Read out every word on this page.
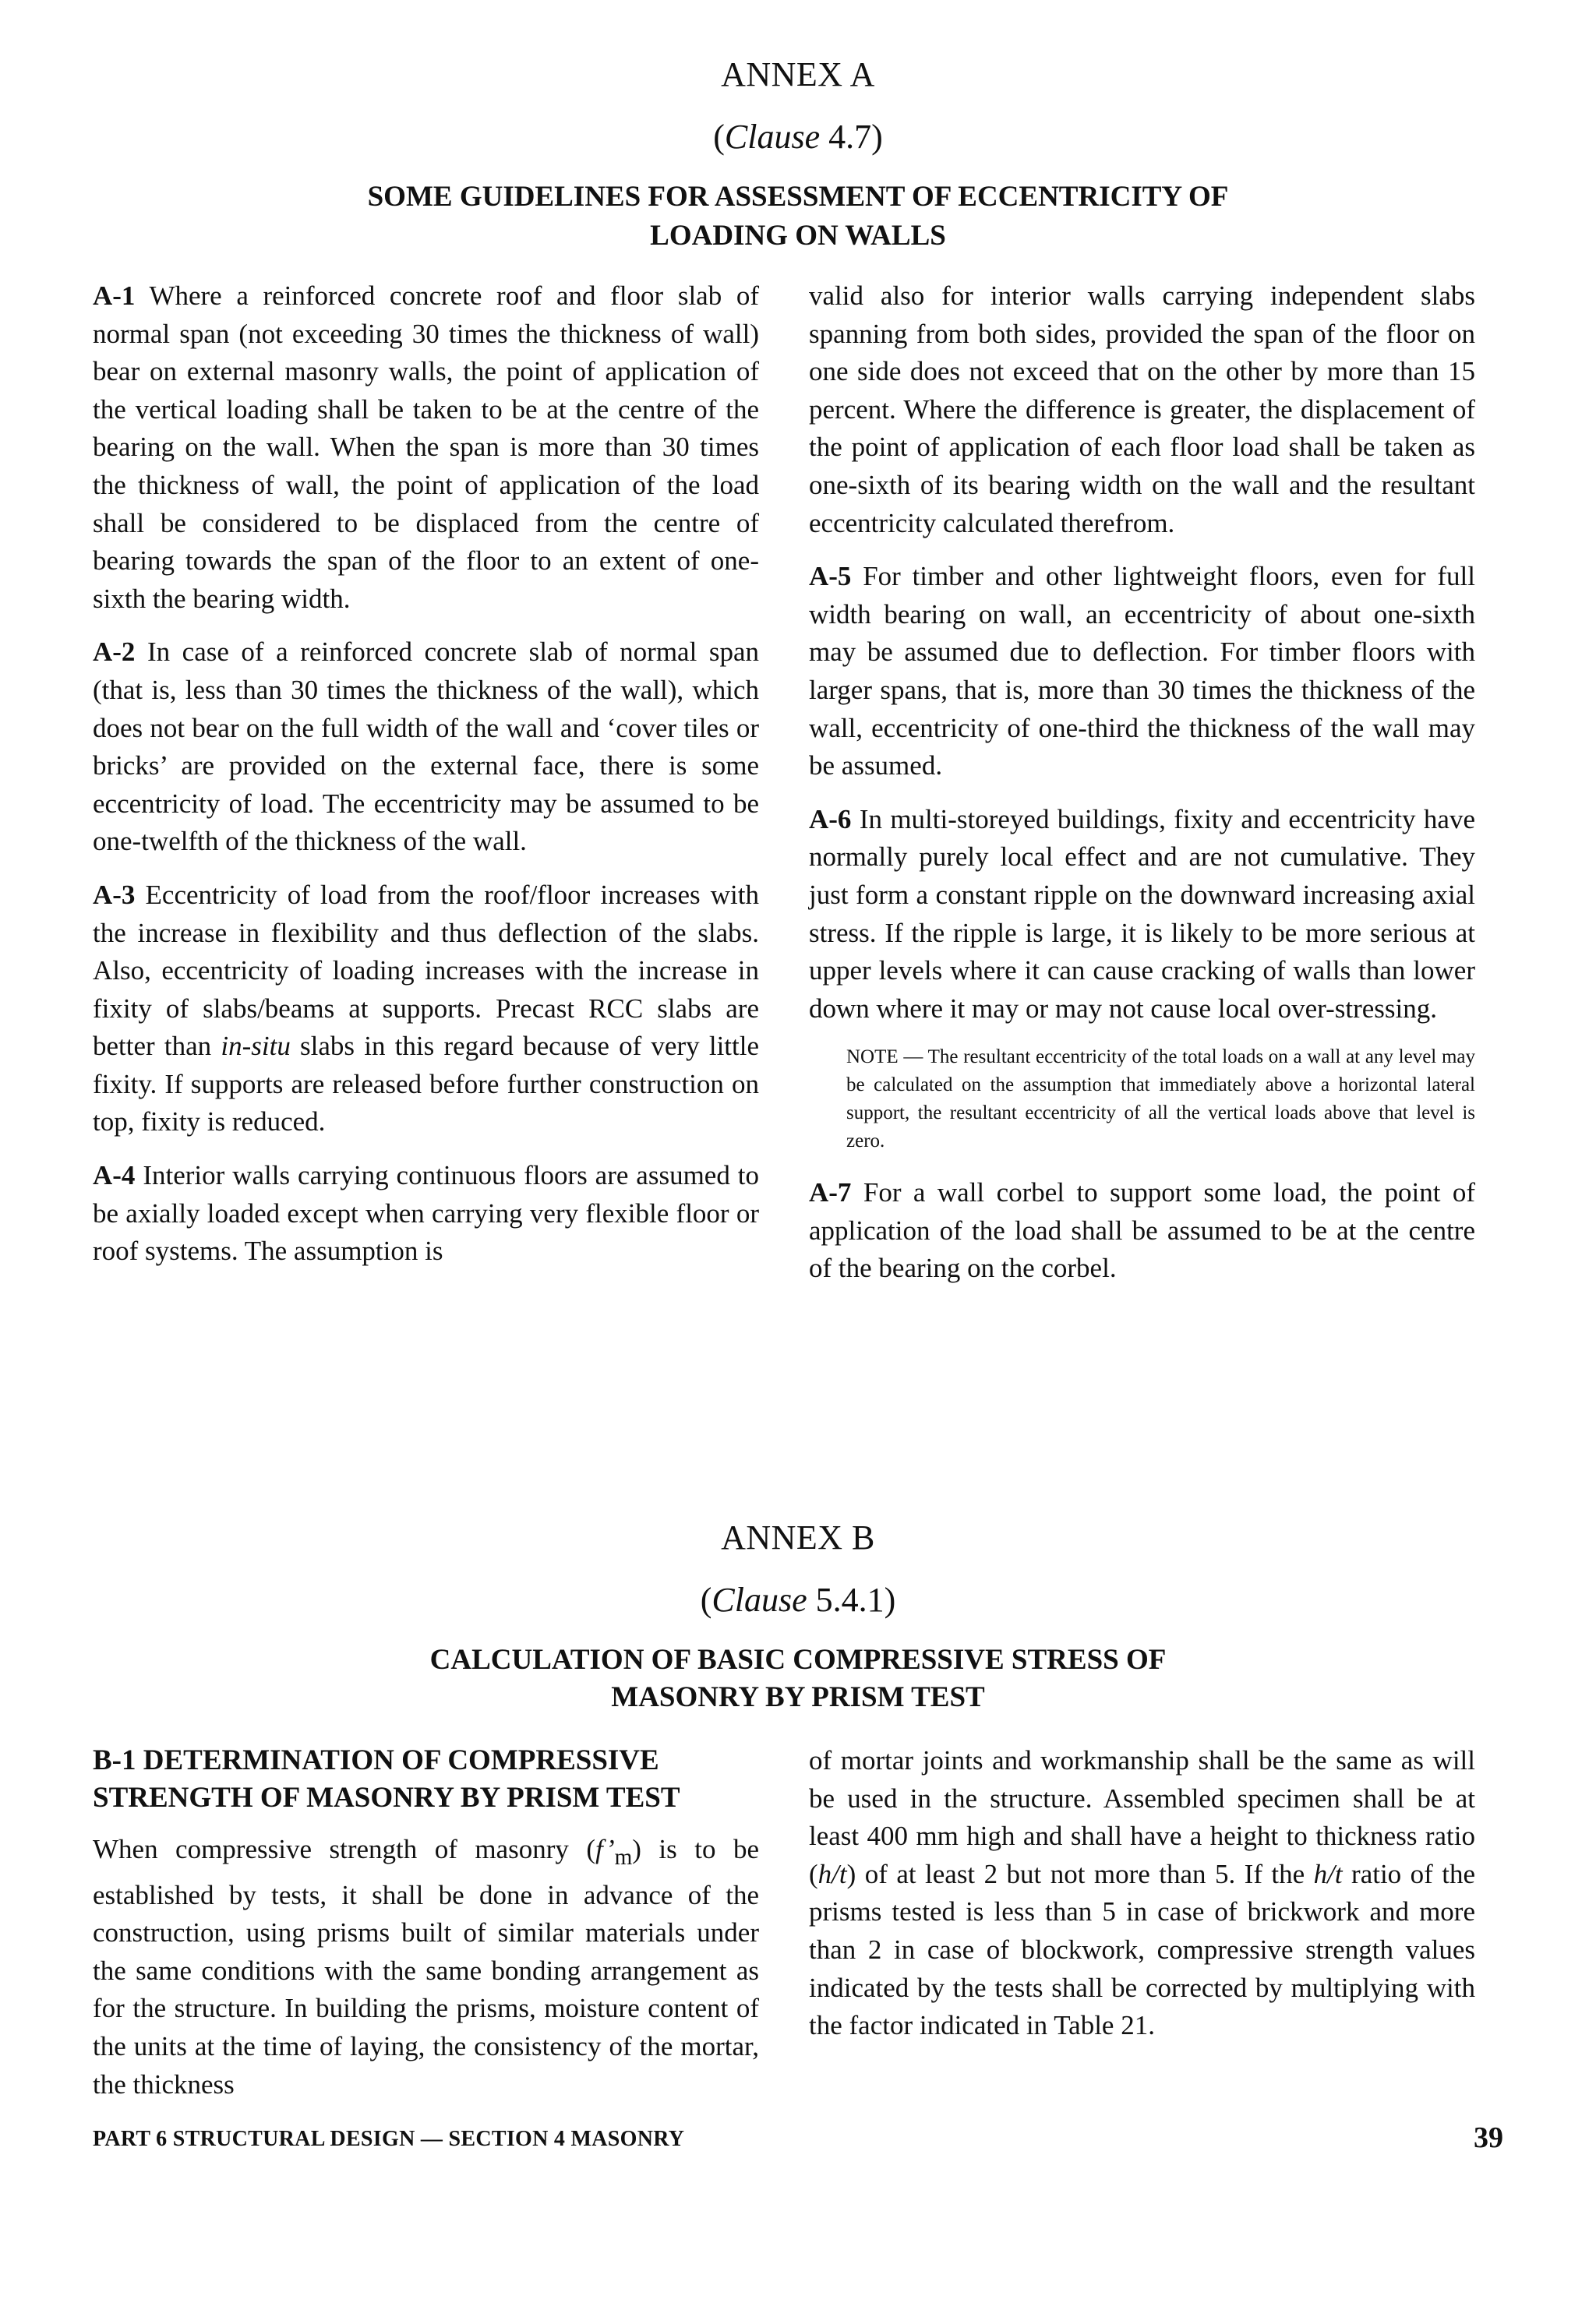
ANNEX A
(Clause 4.7)
SOME GUIDELINES FOR ASSESSMENT OF ECCENTRICITY OF
LOADING ON WALLS

A-1 Where a reinforced concrete roof and floor slab of normal span (not exceeding 30 times the thickness of wall) bear on external masonry walls, the point of application of the vertical loading shall be taken to be at the centre of the bearing on the wall. When the span is more than 30 times the thickness of wall, the point of application of the load shall be considered to be displaced from the centre of bearing towards the span of the floor to an extent of one-sixth the bearing width.

A-2 In case of a reinforced concrete slab of normal span (that is, less than 30 times the thickness of the wall), which does not bear on the full width of the wall and ‘cover tiles or bricks’ are provided on the external face, there is some eccentricity of load. The eccentricity may be assumed to be one-twelfth of the thickness of the wall.

A-3 Eccentricity of load from the roof/floor increases with the increase in flexibility and thus deflection of the slabs. Also, eccentricity of loading increases with the increase in fixity of slabs/beams at supports. Precast RCC slabs are better than in-situ slabs in this regard because of very little fixity. If supports are released before further construction on top, fixity is reduced.

A-4 Interior walls carrying continuous floors are assumed to be axially loaded except when carrying very flexible floor or roof systems. The assumption is

valid also for interior walls carrying independent slabs spanning from both sides, provided the span of the floor on one side does not exceed that on the other by more than 15 percent. Where the difference is greater, the displacement of the point of application of each floor load shall be taken as one-sixth of its bearing width on the wall and the resultant eccentricity calculated therefrom.

A-5 For timber and other lightweight floors, even for full width bearing on wall, an eccentricity of about one-sixth may be assumed due to deflection. For timber floors with larger spans, that is, more than 30 times the thickness of the wall, eccentricity of one-third the thickness of the wall may be assumed.

A-6 In multi-storeyed buildings, fixity and eccentricity have normally purely local effect and are not cumulative. They just form a constant ripple on the downward increasing axial stress. If the ripple is large, it is likely to be more serious at upper levels where it can cause cracking of walls than lower down where it may or may not cause local over-stressing.

NOTE — The resultant eccentricity of the total loads on a wall at any level may be calculated on the assumption that immediately above a horizontal lateral support, the resultant eccentricity of all the vertical loads above that level is zero.

A-7 For a wall corbel to support some load, the point of application of the load shall be assumed to be at the centre of the bearing on the corbel.

ANNEX B
(Clause 5.4.1)
CALCULATION OF BASIC COMPRESSIVE STRESS OF
MASONRY BY PRISM TEST
B-1 DETERMINATION OF COMPRESSIVE
STRENGTH OF MASONRY BY PRISM TEST

When compressive strength of masonry $(f’_m)$ is to be established by tests, it shall be done in advance of the construction, using prisms built of similar materials under the same conditions with the same bonding arrangement as for the structure. In building the prisms, moisture content of the units at the time of laying, the consistency of the mortar, the thickness

of mortar joints and workmanship shall be the same as will be used in the structure. Assembled specimen shall be at least 400 mm high and shall have a height to thickness ratio (h/t) of at least 2 but not more than 5. If the h/t ratio of the prisms tested is less than 5 in case of brickwork and more than 2 in case of blockwork, compressive strength values indicated by the tests shall be corrected by multiplying with the factor indicated in Table 21.

PART 6 STRUCTURAL DESIGN — SECTION 4 MASONRY	39
